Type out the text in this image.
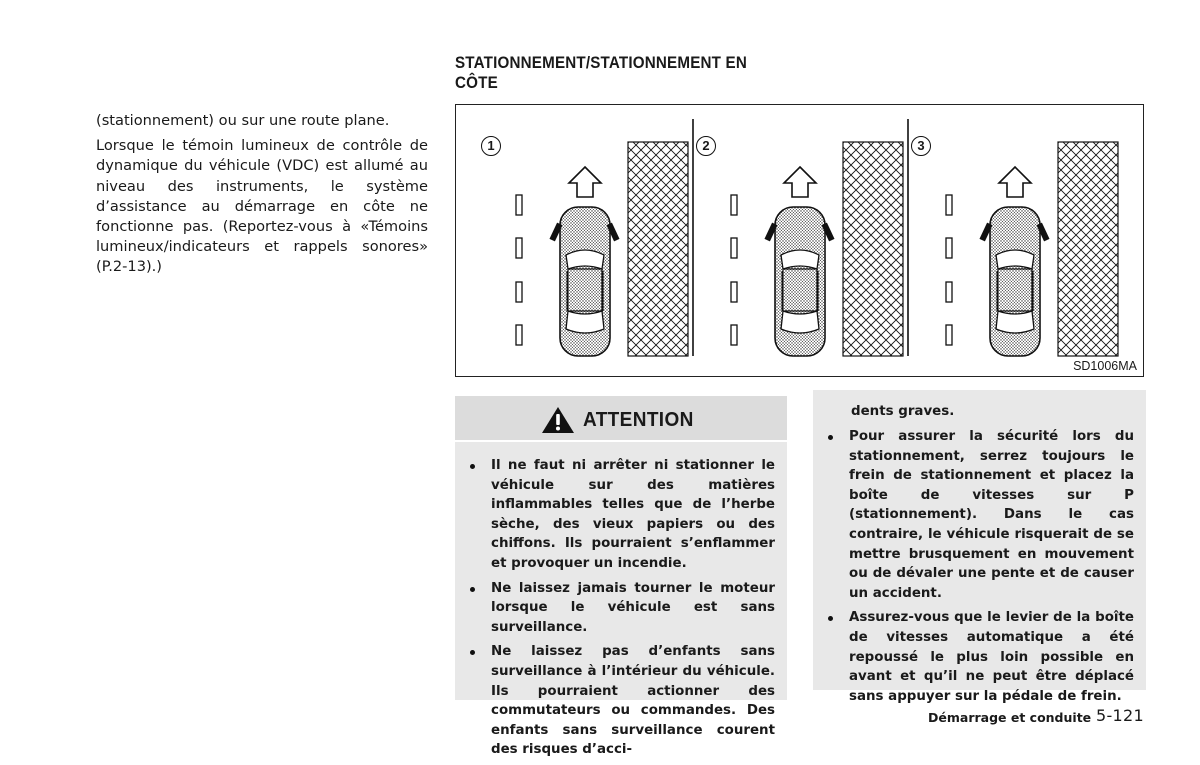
(stationnement) ou sur une route plane.

Lorsque le témoin lumineux de contrôle de dynamique du véhicule (VDC) est allumé au niveau des instruments, le système d’assistance au démarrage en côte ne fonctionne pas. (Reportez-vous à «Témoins lumineux/indicateurs et rappels sonores» (P.2-13).)

STATIONNEMENT/STATIONNEMENT EN CÔTE
1	2	3
SD1006MA
ATTENTION
Il ne faut ni arrêter ni stationner le véhicule sur des matières inflammables telles que de l’herbe sèche, des vieux papiers ou des chiffons. Ils pourraient s’enflammer et provoquer un incendie.
Ne laissez jamais tourner le moteur lorsque le véhicule est sans surveillance.
Ne laissez pas d’enfants sans surveillance à l’intérieur du véhicule. Ils pourraient actionner des commutateurs ou commandes. Des enfants sans surveillance courent des risques d’acci-
dents graves.
Pour assurer la sécurité lors du stationnement, serrez toujours le frein de stationnement et placez la boîte de vitesses sur P (stationnement). Dans le cas contraire, le véhicule risquerait de se mettre brusquement en mouvement ou de dévaler une pente et de causer un accident.
Assurez-vous que le levier de la boîte de vitesses automatique a été repoussé le plus loin possible en avant et qu’il ne peut être déplacé sans appuyer sur la pédale de frein.
Démarrage et conduite 5-121
